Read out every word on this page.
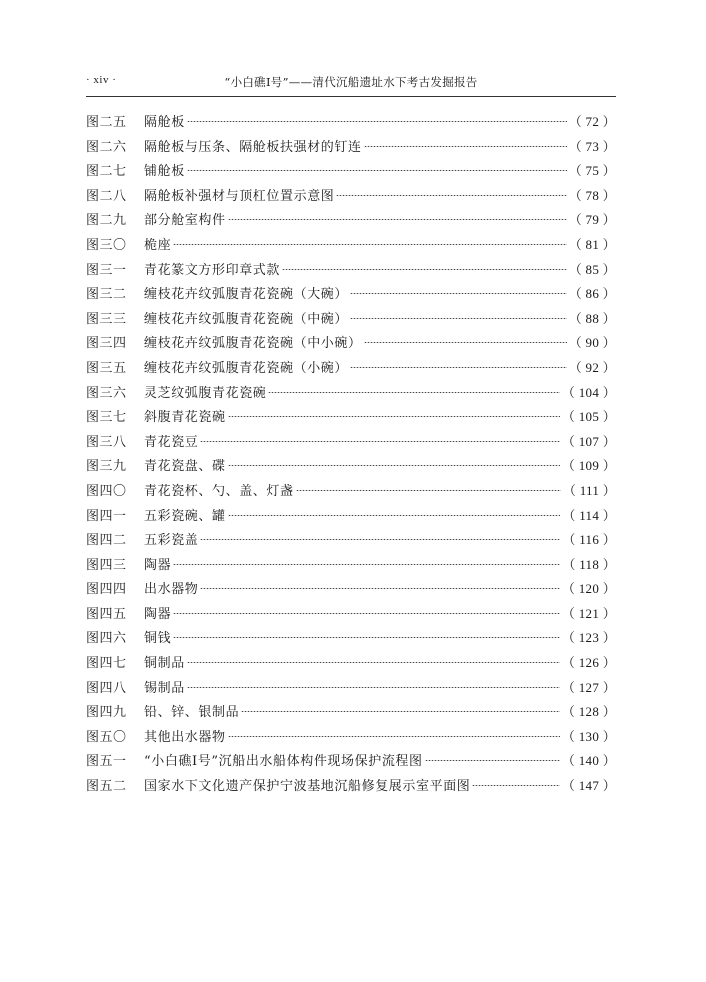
· xiv ·	“小白礁Ⅰ号”——清代沉船遗址水下考古发掘报告
图二五	隔舱板	（ 72 ）
图二六	隔舱板与压条、隔舱板扶强材的钉连	（ 73 ）
图二七	铺舱板	（ 75 ）
图二八	隔舱板补强材与顶杠位置示意图	（ 78 ）
图二九	部分舱室构件	（ 79 ）
图三〇	桅座	（ 81 ）
图三一	青花篆文方形印章式款	（ 85 ）
图三二	缠枝花卉纹弧腹青花瓷碗（大碗）	（ 86 ）
图三三	缠枝花卉纹弧腹青花瓷碗（中碗）	（ 88 ）
图三四	缠枝花卉纹弧腹青花瓷碗（中小碗）	（ 90 ）
图三五	缠枝花卉纹弧腹青花瓷碗（小碗）	（ 92 ）
图三六	灵芝纹弧腹青花瓷碗	（ 104 ）
图三七	斜腹青花瓷碗	（ 105 ）
图三八	青花瓷豆	（ 107 ）
图三九	青花瓷盘、碟	（ 109 ）
图四〇	青花瓷杯、勺、盖、灯盏	（ 111 ）
图四一	五彩瓷碗、罐	（ 114 ）
图四二	五彩瓷盖	（ 116 ）
图四三	陶器	（ 118 ）
图四四	出水器物	（ 120 ）
图四五	陶器	（ 121 ）
图四六	铜钱	（ 123 ）
图四七	铜制品	（ 126 ）
图四八	锡制品	（ 127 ）
图四九	铅、锌、银制品	（ 128 ）
图五〇	其他出水器物	（ 130 ）
图五一	“小白礁Ⅰ号”沉船出水船体构件现场保护流程图	（ 140 ）
图五二	国家水下文化遗产保护宁波基地沉船修复展示室平面图	（ 147 ）
